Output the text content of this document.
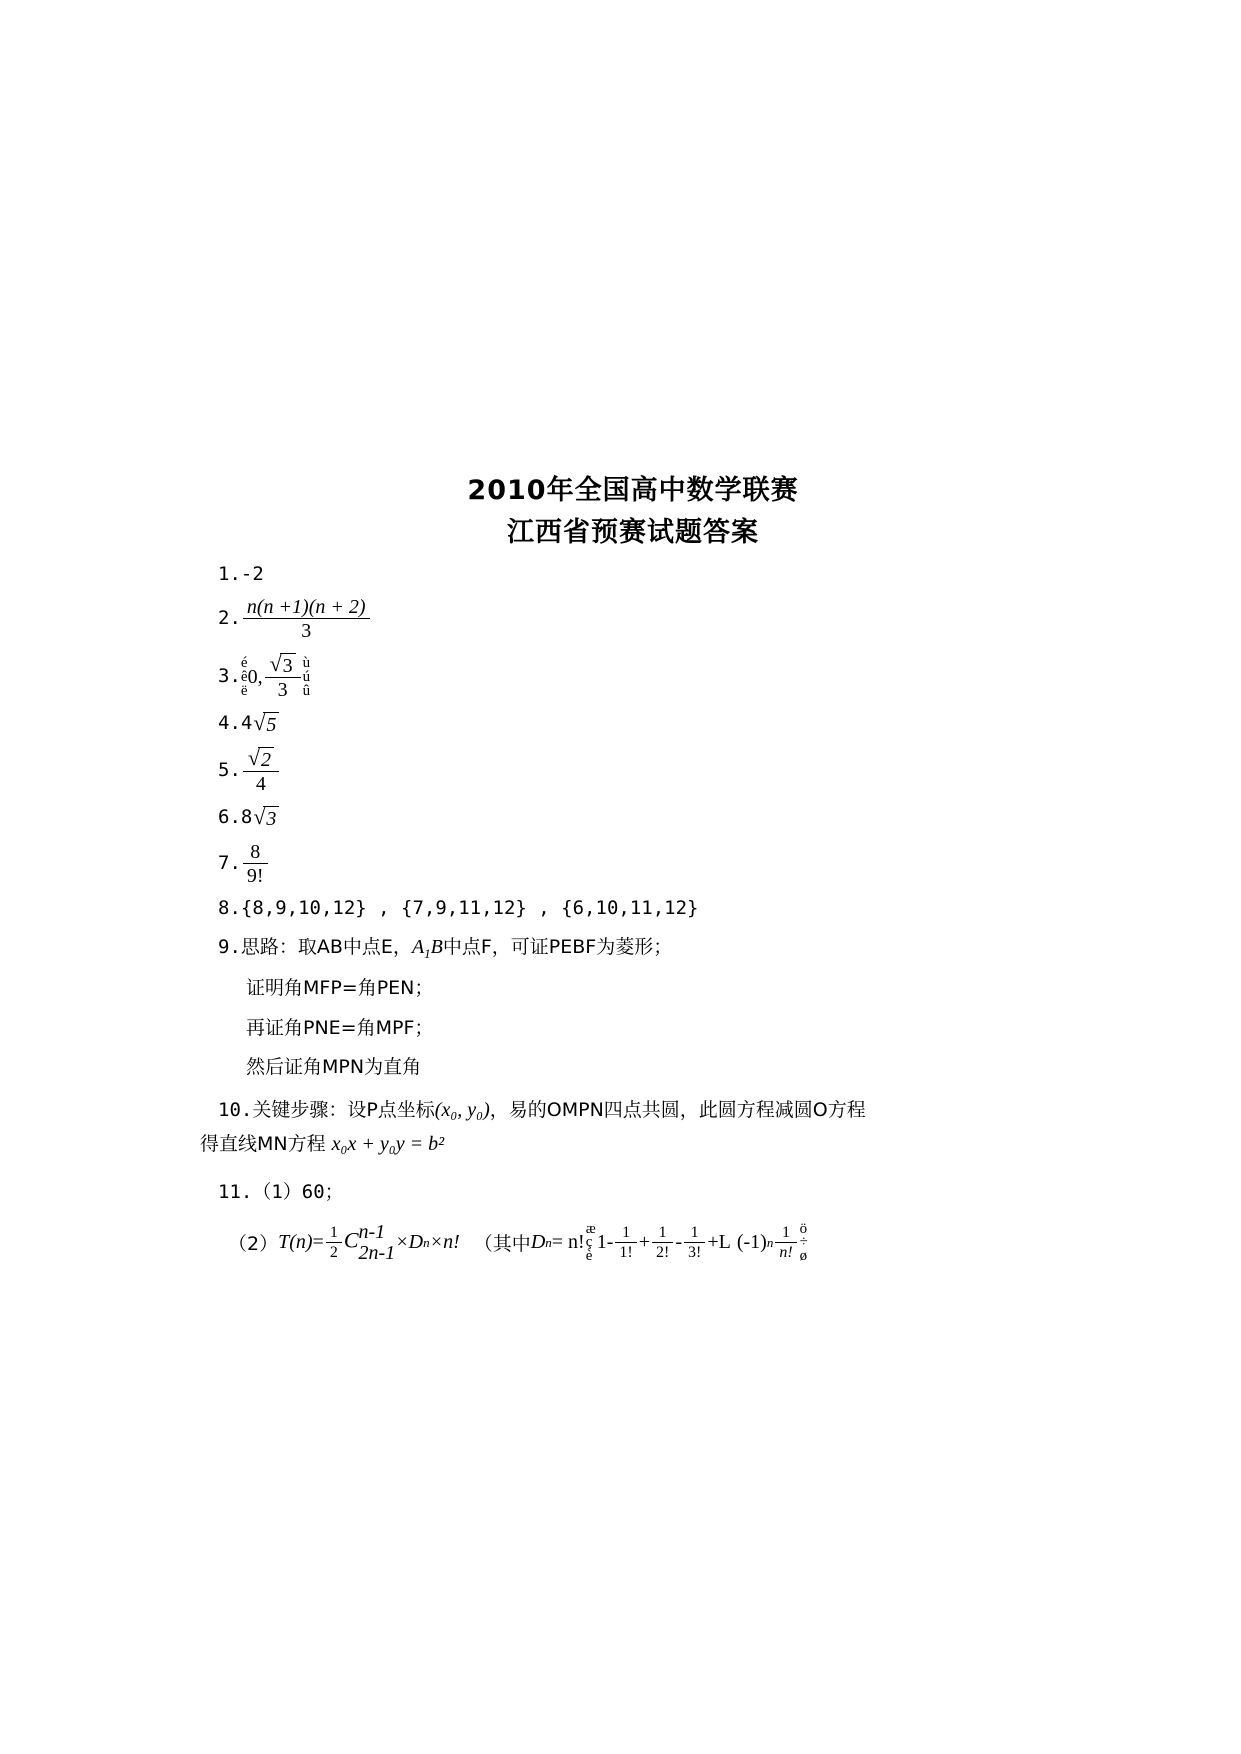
2010年全国高中数学联赛
江西省预赛试题答案
1. -2
2. $\frac{n(n +1)(n + 2)}{3}$
3.
é
ê
ë
0, $\frac{√ 3}{3}$ ù
ú
û
4. 4 √ 5
5. $\frac{√ 2}{4}$
6. 8 √ 3
7. $\frac{8}{9!}$
8. {8,9,10,12} , {7,9,11,12} , {6,10,11,12}
9.思路：取AB中点E，$A_1B$中点F，可证PEBF为菱形；
证明角MFP=角PEN；
再证角PNE=角MPF；
然后证角MPN为直角
10.关键步骤：设P点坐标(x₀, y₀)，易的OMPN四点共圆，此圆方程减圆O方程
得直线MN方程 x₀x + y₀y = b²
11.（1）60；
（2） T $(n) = \frac{1}{2}$ C n-1
2n-1 ×D n ×n! （其中 D n = n!
æ
ç
è
$1- \frac{1}{1!} + \frac{1}{2!} - \frac{1}{3!} +L$ (-1) n $\frac{1}{n!}$ ö
÷
ø
